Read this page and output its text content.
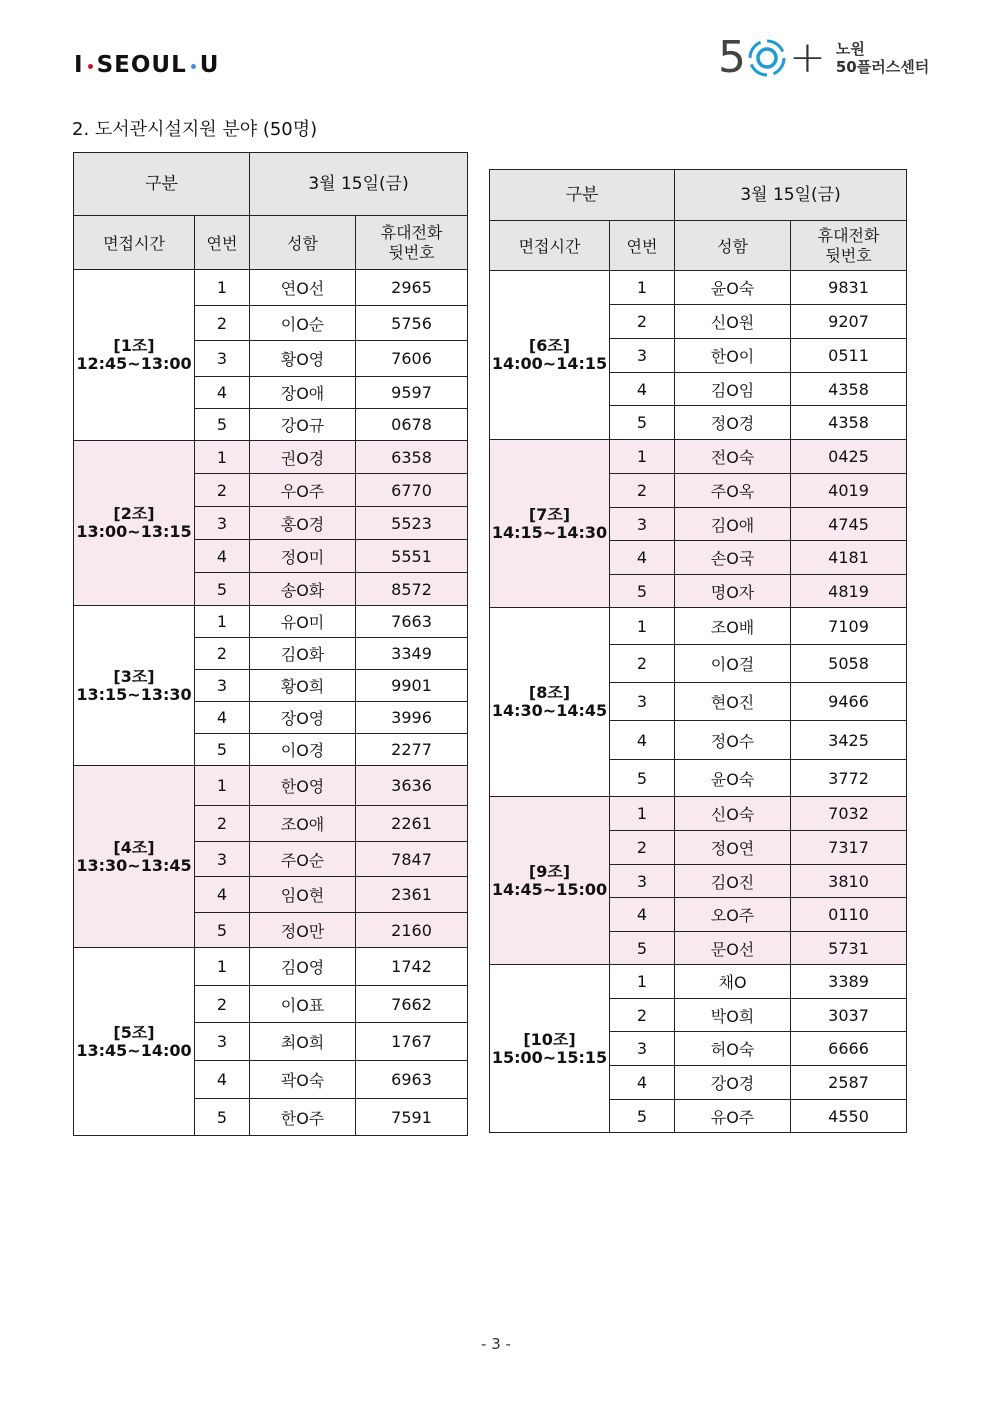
I SEOUL U	5 + 노원
50플러스센터
2. 도서관시설지원 분야 (50명)
구분		3월 15일(금)	
면접시간	연번	성함	휴대전화
뒷번호

[1조]
12:45~13:00	1	연O선	2965
	2	이O순	5756
	3	황O영	7606
	4	장O애	9597
	5	강O규	0678

[2조]
13:00~13:15	1	권O경	6358
	2	우O주	6770
	3	홍O경	5523
	4	정O미	5551
	5	송O화	8572

[3조]
13:15~13:30	1	유O미	7663
	2	김O화	3349
	3	황O희	9901
	4	장O영	3996
	5	이O경	2277

[4조]
13:30~13:45	1	한O영	3636
	2	조O애	2261
	3	주O순	7847
	4	임O현	2361
	5	정O만	2160

[5조]
13:45~14:00	1	김O영	1742
	2	이O표	7662
	3	최O희	1767
	4	곽O숙	6963
	5	한O주	7591
구분		3월 15일(금)	
면접시간	연번	성함	휴대전화
뒷번호

[6조]
14:00~14:15	1	윤O숙	9831
	2	신O원	9207
	3	한O이	0511
	4	김O임	4358
	5	정O경	4358

[7조]
14:15~14:30	1	전O숙	0425
	2	주O옥	4019
	3	김O애	4745
	4	손O국	4181
	5	명O자	4819

[8조]
14:30~14:45	1	조O배	7109
	2	이O걸	5058
	3	현O진	9466
	4	정O수	3425
	5	윤O숙	3772

[9조]
14:45~15:00	1	신O숙	7032
	2	정O연	7317
	3	김O진	3810
	4	오O주	0110
	5	문O선	5731

[10조]
15:00~15:15	1	채O	3389
	2	박O희	3037
	3	허O숙	6666
	4	강O경	2587
	5	유O주	4550
- 3 -
